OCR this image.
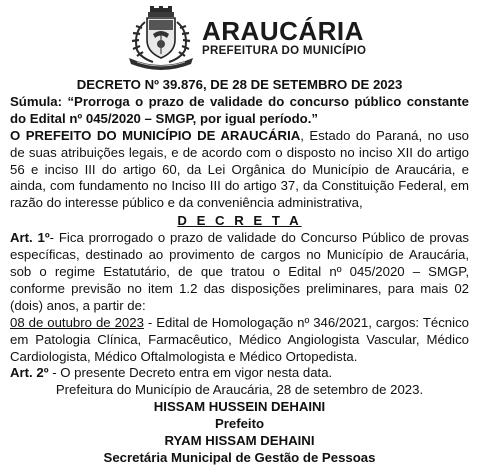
ARAUCÁRIA
PREFEITURA DO MUNICÍPIO

DECRETO Nº 39.876, DE 28 DE SETEMBRO DE 2023

Súmula: “Prorroga o prazo de validade do concurso público constante do Edital nº 045/2020 – SMGP, por igual período.”

O PREFEITO DO MUNICÍPIO DE ARAUCÁRIA, Estado do Paraná, no uso de suas atribuições legais, e de acordo com o disposto no inciso XII do artigo 56 e inciso III do artigo 60, da Lei Orgânica do Município de Araucária, e ainda, com fundamento no Inciso III do artigo 37, da Constituição Federal, em razão do interesse público e da conveniência administrativa,

D E C R E T A

Art. 1º- Fica prorrogado o prazo de validade do Concurso Público de provas específicas, destinado ao provimento de cargos no Município de Araucária, sob o regime Estatutário, de que tratou o Edital nº 045/2020 – SMGP, conforme previsão no item 1.2 das disposições preliminares, para mais 02 (dois) anos, a partir de:
08 de outubro de 2023 - Edital de Homologação nº 346/2021, cargos: Técnico em Patologia Clínica, Farmacêutico, Médico Angiologista Vascular, Médico Cardiologista, Médico Oftalmologista e Médico Ortopedista.

Art. 2º - O presente Decreto entra em vigor nesta data.

Prefeitura do Município de Araucária, 28 de setembro de 2023.

HISSAM HUSSEIN DEHAINI

Prefeito

RYAM HISSAM DEHAINI

Secretária Municipal de Gestão de Pessoas
